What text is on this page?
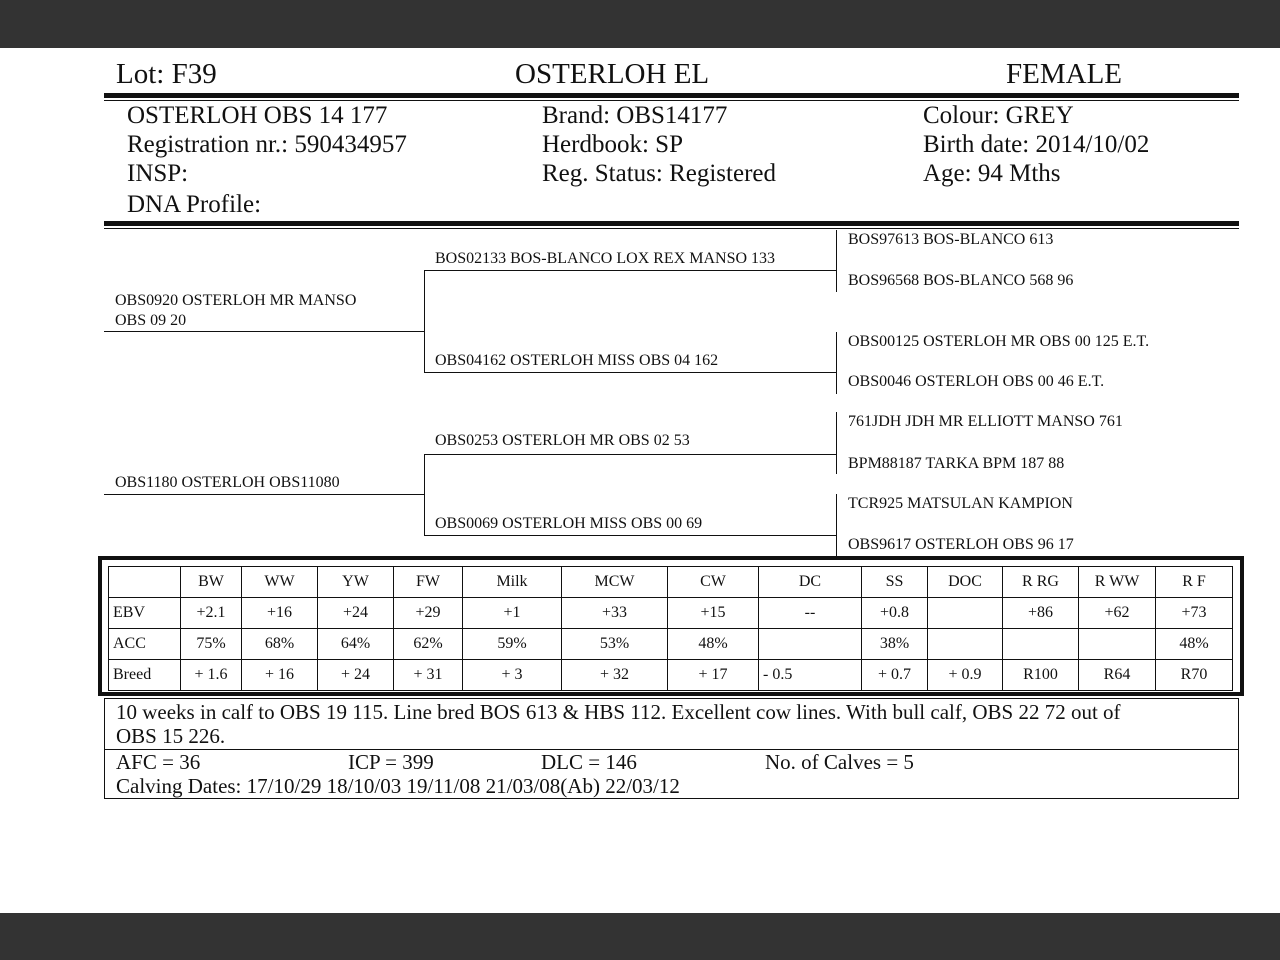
Lot: F39	OSTERLOH EL	FEMALE
OSTERLOH OBS 14 177
Registration nr.: 590434957
INSP:
DNA Profile:
Brand: OBS14177
Herdbook: SP
Reg. Status: Registered
Colour: GREY
Birth date: 2014/10/02
Age: 94 Mths
OBS0920 OSTERLOH MR MANSO
OBS 09 20
OBS1180 OSTERLOH OBS11080
BOS02133 BOS-BLANCO LOX REX MANSO 133
OBS04162 OSTERLOH MISS OBS 04 162
OBS0253 OSTERLOH MR OBS 02 53
OBS0069 OSTERLOH MISS OBS 00 69
BOS97613 BOS-BLANCO 613
BOS96568 BOS-BLANCO 568 96
OBS00125 OSTERLOH MR OBS 00 125 E.T.
OBS0046 OSTERLOH OBS 00 46 E.T.
761JDH JDH MR ELLIOTT MANSO 761
BPM88187 TARKA BPM 187 88
TCR925 MATSULAN KAMPION
OBS9617 OSTERLOH OBS 96 17
	BW	WW	YW	FW	Milk	MCW	CW	DC	SS	DOC	R RG	R WW	R F
EBV	+2.1	+16	+24	+29	+1	+33	+15	--	+0.8		+86	+62	+73
ACC	75%	68%	64%	62%	59%	53%	48%		38%				48%
Breed	+ 1.6	+ 16	+ 24	+ 31	+ 3	+ 32	+ 17	- 0.5	+ 0.7	+ 0.9	R100	R64	R70
10 weeks in calf to OBS 19 115. Line bred BOS 613 & HBS 112. Excellent cow lines. With bull calf, OBS 22 72 out of
OBS 15 226.
AFC = 36	ICP = 399	DLC = 146	No. of Calves = 5
Calving Dates: 17/10/29 18/10/03 19/11/08 21/03/08(Ab) 22/03/12
